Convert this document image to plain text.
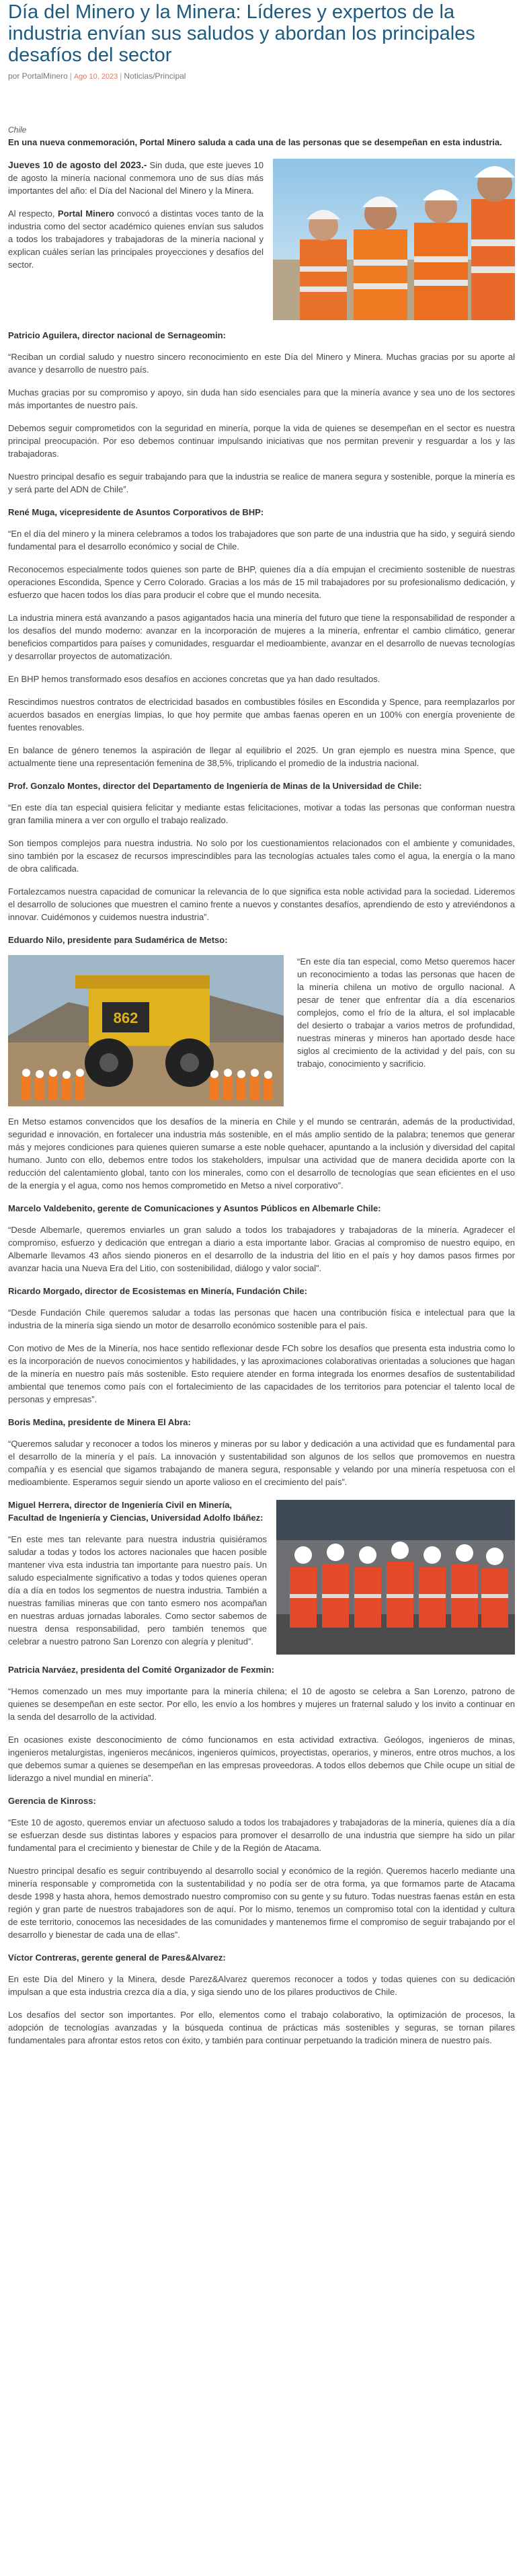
Día del Minero y la Minera: Líderes y expertos de la industria envían sus saludos y abordan los principales desafíos del sector
por PortalMinero | Ago 10, 2023 | Noticias/Principal
Chile

En una nueva conmemoración, Portal Minero saluda a cada una de las personas que se desempeñan en esta industria.

Jueves 10 de agosto del 2023.- Sin duda, que este jueves 10 de agosto la minería nacional conmemora uno de sus días más importantes del año: el Día del Nacional del Minero y la Minera.

Al respecto, Portal Minero convocó a distintas voces tanto de la industria como del sector académico quienes envían sus saludos a todos los trabajadores y trabajadoras de la minería nacional y explican cuáles serían las principales proyecciones y desafíos del sector.

Patricio Aguilera, director nacional de Sernageomin:

“Reciban un cordial saludo y nuestro sincero reconocimiento en este Día del Minero y Minera. Muchas gracias por su aporte al avance y desarrollo de nuestro país.

Muchas gracias por su compromiso y apoyo, sin duda han sido esenciales para que la minería avance y sea uno de los sectores más importantes de nuestro país.

Debemos seguir comprometidos con la seguridad en minería, porque la vida de quienes se desempeñan en el sector es nuestra principal preocupación. Por eso debemos continuar impulsando iniciativas que nos permitan prevenir y resguardar a los y las trabajadoras.

Nuestro principal desafío es seguir trabajando para que la industria se realice de manera segura y sostenible, porque la minería es y será parte del ADN de Chile”.

René Muga, vicepresidente de Asuntos Corporativos de BHP:

“En el día del minero y la minera celebramos a todos los trabajadores que son parte de una industria que ha sido, y seguirá siendo fundamental para el desarrollo económico y social de Chile.

Reconocemos especialmente todos quienes son parte de BHP, quienes día a día empujan el crecimiento sostenible de nuestras operaciones Escondida, Spence y Cerro Colorado. Gracias a los más de 15 mil trabajadores por su profesionalismo dedicación, y esfuerzo que hacen todos los días para producir el cobre que el mundo necesita.

La industria minera está avanzando a pasos agigantados hacia una minería del futuro que tiene la responsabilidad de responder a los desafíos del mundo moderno: avanzar en la incorporación de mujeres a la minería, enfrentar el cambio climático, generar beneficios compartidos para países y comunidades, resguardar el medioambiente, avanzar en el desarrollo de nuevas tecnologías y desarrollar proyectos de automatización.

En BHP hemos transformado esos desafíos en acciones concretas que ya han dado resultados.

Rescindimos nuestros contratos de electricidad basados en combustibles fósiles en Escondida y Spence, para reemplazarlos por acuerdos basados en energías limpias, lo que hoy permite que ambas faenas operen en un 100% con energía proveniente de fuentes renovables.

En balance de género tenemos la aspiración de llegar al equilibrio el 2025. Un gran ejemplo es nuestra mina Spence, que actualmente tiene una representación femenina de 38,5%, triplicando el promedio de la industria nacional.

Prof. Gonzalo Montes, director del Departamento de Ingeniería de Minas de la Universidad de Chile:

“En este día tan especial quisiera felicitar y mediante estas felicitaciones, motivar a todas las personas que conforman nuestra gran familia minera a ver con orgullo el trabajo realizado.

Son tiempos complejos para nuestra industria. No solo por los cuestionamientos relacionados con el ambiente y comunidades, sino también por la escasez de recursos imprescindibles para las tecnologías actuales tales como el agua, la energía o la mano de obra calificada.

Fortalezcamos nuestra capacidad de comunicar la relevancia de lo que significa esta noble actividad para la sociedad. Lideremos el desarrollo de soluciones que muestren el camino frente a nuevos y constantes desafíos, aprendiendo de esto y atreviéndonos a innovar. Cuidémonos y cuidemos nuestra industria”.

Eduardo Nilo, presidente para Sudamérica de Metso:
862

“En este día tan especial, como Metso queremos hacer un reconocimiento a todas las personas que hacen de la minería chilena un motivo de orgullo nacional. A pesar de tener que enfrentar día a día escenarios complejos, como el frío de la altura, el sol implacable del desierto o trabajar a varios metros de profundidad, nuestras mineras y mineros han aportado desde hace siglos al crecimiento de la actividad y del país, con su trabajo, conocimiento y sacrificio.

En Metso estamos convencidos que los desafíos de la minería en Chile y el mundo se centrarán, además de la productividad, seguridad e innovación, en fortalecer una industria más sostenible, en el más amplio sentido de la palabra; tenemos que generar más y mejores condiciones para quienes quieren sumarse a este noble quehacer, apuntando a la inclusión y diversidad del capital humano. Junto con ello, debemos entre todos los stakeholders, impulsar una actividad que de manera decidida aporte con la reducción del calentamiento global, tanto con los minerales, como con el desarrollo de tecnologías que sean eficientes en el uso de la energía y el agua, como nos hemos comprometido en Metso a nivel corporativo”.

Marcelo Valdebenito, gerente de Comunicaciones y Asuntos Públicos en Albemarle Chile:

“Desde Albemarle, queremos enviarles un gran saludo a todos los trabajadores y trabajadoras de la minería. Agradecer el compromiso, esfuerzo y dedicación que entregan a diario a esta importante labor. Gracias al compromiso de nuestro equipo, en Albemarle llevamos 43 años siendo pioneros en el desarrollo de la industria del litio en el país y hoy damos pasos firmes por avanzar hacia una Nueva Era del Litio, con sostenibilidad, diálogo y valor social”.

Ricardo Morgado, director de Ecosistemas en Minería, Fundación Chile:

“Desde Fundación Chile queremos saludar a todas las personas que hacen una contribución física e intelectual para que la industria de la minería siga siendo un motor de desarrollo económico sostenible para el país.

Con motivo de Mes de la Minería, nos hace sentido reflexionar desde FCh sobre los desafíos que presenta esta industria como lo es la incorporación de nuevos conocimientos y habilidades, y las aproximaciones colaborativas orientadas a soluciones que hagan de la minería en nuestro país más sostenible. Esto requiere atender en forma integrada los enormes desafíos de sustentabilidad ambiental que tenemos como país con el fortalecimiento de las capacidades de los territorios para potenciar el talento local de personas y empresas”.

Boris Medina, presidente de Minera El Abra:

“Queremos saludar y reconocer a todos los mineros y mineras por su labor y dedicación a una actividad que es fundamental para el desarrollo de la minería y el país. La innovación y sustentabilidad son algunos de los sellos que promovemos en nuestra compañía y es esencial que sigamos trabajando de manera segura, responsable y velando por una minería respetuosa con el medioambiente. Esperamos seguir siendo un aporte valioso en el crecimiento del país”.

Miguel Herrera, director de Ingeniería Civil en Minería, Facultad de Ingeniería y Ciencias, Universidad Adolfo Ibáñez:

“En este mes tan relevante para nuestra industria quisiéramos saludar a todas y todos los actores nacionales que hacen posible mantener viva esta industria tan importante para nuestro país. Un saludo especialmente significativo a todas y todos quienes operan día a día en todos los segmentos de nuestra industria. También a nuestras familias mineras que con tanto esmero nos acompañan en nuestras arduas jornadas laborales. Como sector sabemos de nuestra densa responsabilidad, pero también tenemos que celebrar a nuestro patrono San Lorenzo con alegría y plenitud”.

Patricia Narváez, presidenta del Comité Organizador de Fexmin:

“Hemos comenzado un mes muy importante para la minería chilena; el 10 de agosto se celebra a San Lorenzo, patrono de quienes se desempeñan en este sector. Por ello, les envío a los hombres y mujeres un fraternal saludo y los invito a continuar en la senda del desarrollo de la actividad.

En ocasiones existe desconocimiento de cómo funcionamos en esta actividad extractiva. Geólogos, ingenieros de minas, ingenieros metalurgistas, ingenieros mecánicos, ingenieros químicos, proyectistas, operarios, y mineros, entre otros muchos, a los que debemos sumar a quienes se desempeñan en las empresas proveedoras. A todos ellos debemos que Chile ocupe un sitial de liderazgo a nivel mundial en minería”.

Gerencia de Kinross:

“Este 10 de agosto, queremos enviar un afectuoso saludo a todos los trabajadores y trabajadoras de la minería, quienes día a día se esfuerzan desde sus distintas labores y espacios para promover el desarrollo de una industria que siempre ha sido un pilar fundamental para el crecimiento y bienestar de Chile y de la Región de Atacama.

Nuestro principal desafío es seguir contribuyendo al desarrollo social y económico de la región. Queremos hacerlo mediante una minería responsable y comprometida con la sustentabilidad y no podía ser de otra forma, ya que formamos parte de Atacama desde 1998 y hasta ahora, hemos demostrado nuestro compromiso con su gente y su futuro. Todas nuestras faenas están en esta región y gran parte de nuestros trabajadores son de aquí. Por lo mismo, tenemos un compromiso total con la identidad y cultura de este territorio, conocemos las necesidades de las comunidades y mantenemos firme el compromiso de seguir trabajando por el desarrollo y bienestar de cada una de ellas”.

Víctor Contreras, gerente general de Pares&Alvarez:

En este Día del Minero y la Minera, desde Parez&Alvarez queremos reconocer a todos y todas quienes con su dedicación impulsan a que esta industria crezca día a día, y siga siendo uno de los pilares productivos de Chile.

Los desafíos del sector son importantes. Por ello, elementos como el trabajo colaborativo, la optimización de procesos, la adopción de tecnologías avanzadas y la búsqueda continua de prácticas más sostenibles y seguras, se tornan pilares fundamentales para afrontar estos retos con éxito, y también para continuar perpetuando la tradición minera de nuestro país.
